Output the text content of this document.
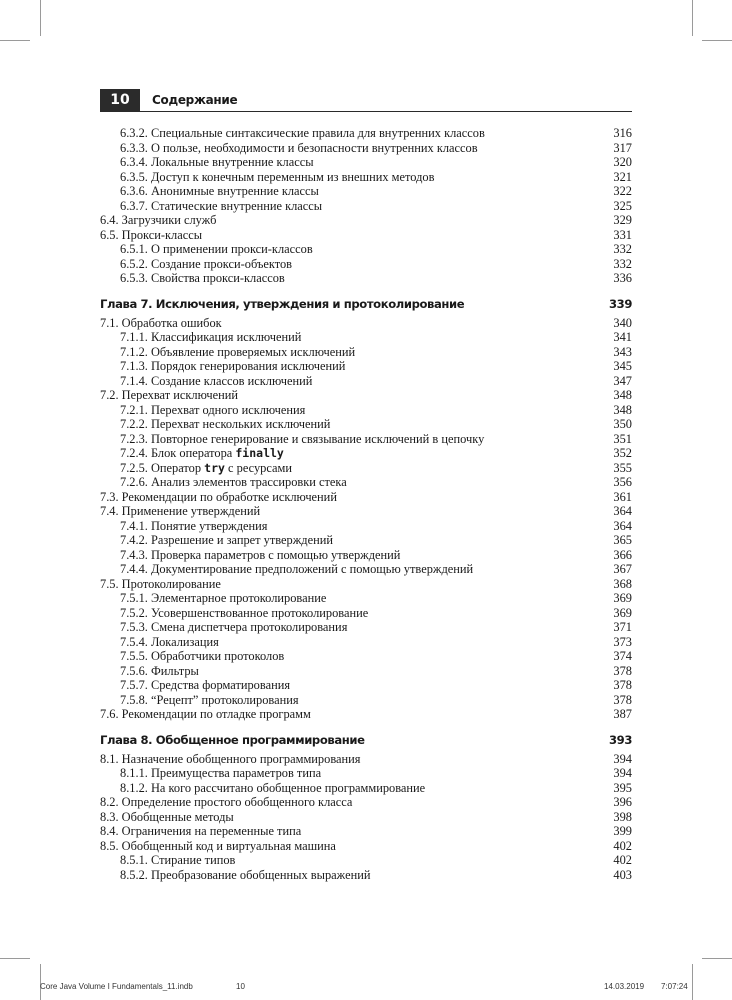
10	Содержание
6.3.2. Специальные синтаксические правила для внутренних классов	316
6.3.3. О пользе, необходимости и безопасности внутренних классов	317
6.3.4. Локальные внутренние классы	320
6.3.5. Доступ к конечным переменным из внешних методов	321
6.3.6. Анонимные внутренние классы	322
6.3.7. Статические внутренние классы	325
6.4. Загрузчики служб	329
6.5. Прокси-классы	331
6.5.1. О применении прокси-классов	332
6.5.2. Создание прокси-объектов	332
6.5.3. Свойства прокси-классов	336
Глава 7. Исключения, утверждения и протоколирование	339
7.1. Обработка ошибок	340
7.1.1. Классификация исключений	341
7.1.2. Объявление проверяемых исключений	343
7.1.3. Порядок генерирования исключений	345
7.1.4. Создание классов исключений	347
7.2. Перехват исключений	348
7.2.1. Перехват одного исключения	348
7.2.2. Перехват нескольких исключений	350
7.2.3. Повторное генерирование и связывание исключений в цепочку	351
7.2.4. Блок оператора finally	352
7.2.5. Оператор try с ресурсами	355
7.2.6. Анализ элементов трассировки стека	356
7.3. Рекомендации по обработке исключений	361
7.4. Применение утверждений	364
7.4.1. Понятие утверждения	364
7.4.2. Разрешение и запрет утверждений	365
7.4.3. Проверка параметров с помощью утверждений	366
7.4.4. Документирование предположений с помощью утверждений	367
7.5. Протоколирование	368
7.5.1. Элементарное протоколирование	369
7.5.2. Усовершенствованное протоколирование	369
7.5.3. Смена диспетчера протоколирования	371
7.5.4. Локализация	373
7.5.5. Обработчики протоколов	374
7.5.6. Фильтры	378
7.5.7. Средства форматирования	378
7.5.8. “Рецепт” протоколирования	378
7.6. Рекомендации по отладке программ	387
Глава 8. Обобщенное программирование	393
8.1. Назначение обобщенного программирования	394
8.1.1. Преимущества параметров типа	394
8.1.2. На кого рассчитано обобщенное программирование	395
8.2. Определение простого обобщенного класса	396
8.3. Обобщенные методы	398
8.4. Ограничения на переменные типа	399
8.5. Обобщенный код и виртуальная машина	402
8.5.1. Стирание типов	402
8.5.2. Преобразование обобщенных выражений	403
Core Java Volume I Fundamentals_11.indb	10	14.03.2019 7:07:24
